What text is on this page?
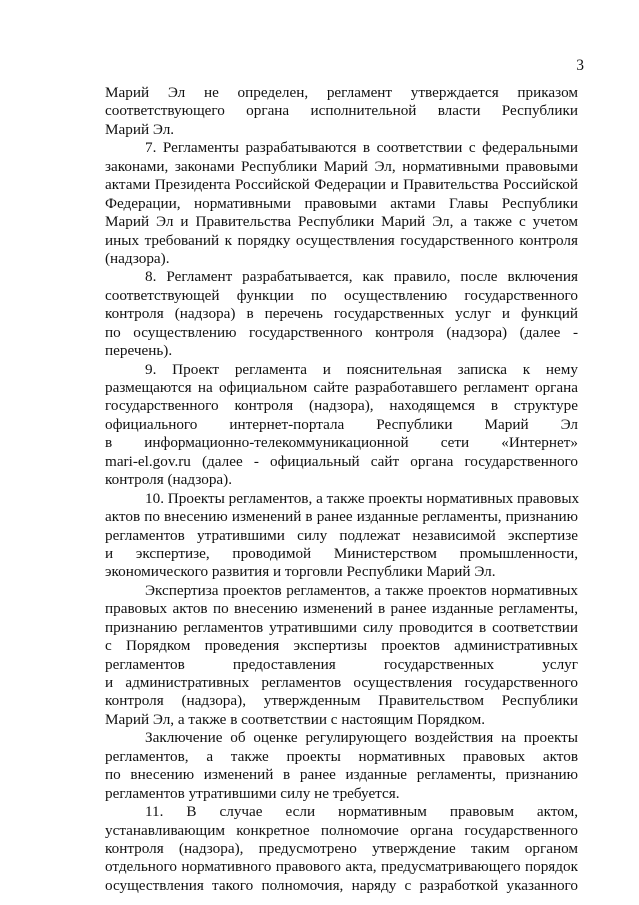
3
Марий Эл не определен, регламент утверждается приказом
соответствующего органа исполнительной власти Республики
Марий Эл.
7. Регламенты разрабатываются в соответствии с федеральными
законами, законами Республики Марий Эл, нормативными правовыми
актами Президента Российской Федерации и Правительства Российской
Федерации, нормативными правовыми актами Главы Республики
Марий Эл и Правительства Республики Марий Эл, а также с учетом
иных требований к порядку осуществления государственного контроля
(надзора).
8. Регламент разрабатывается, как правило, после включения
соответствующей функции по осуществлению государственного
контроля (надзора) в перечень государственных услуг и функций
по осуществлению государственного контроля (надзора) (далее -
перечень).
9. Проект регламента и пояснительная записка к нему
размещаются на официальном сайте разработавшего регламент органа
государственного контроля (надзора), находящемся в структуре
официального интернет-портала Республики Марий Эл
в информационно-телекоммуникационной сети «Интернет»
mari-el.gov.ru (далее - официальный сайт органа государственного
контроля (надзора).
10. Проекты регламентов, а также проекты нормативных правовых
актов по внесению изменений в ранее изданные регламенты, признанию
регламентов утратившими силу подлежат независимой экспертизе
и экспертизе, проводимой Министерством промышленности,
экономического развития и торговли Республики Марий Эл.
Экспертиза проектов регламентов, а также проектов нормативных
правовых актов по внесению изменений в ранее изданные регламенты,
признанию регламентов утратившими силу проводится в соответствии
с Порядком проведения экспертизы проектов административных
регламентов предоставления государственных услуг
и административных регламентов осуществления государственного
контроля (надзора), утвержденным Правительством Республики
Марий Эл, а также в соответствии с настоящим Порядком.
Заключение об оценке регулирующего воздействия на проекты
регламентов, а также проекты нормативных правовых актов
по внесению изменений в ранее изданные регламенты, признанию
регламентов утратившими силу не требуется.
11. В случае если нормативным правовым актом,
устанавливающим конкретное полномочие органа государственного
контроля (надзора), предусмотрено утверждение таким органом
отдельного нормативного правового акта, предусматривающего порядок
осуществления такого полномочия, наряду с разработкой указанного
